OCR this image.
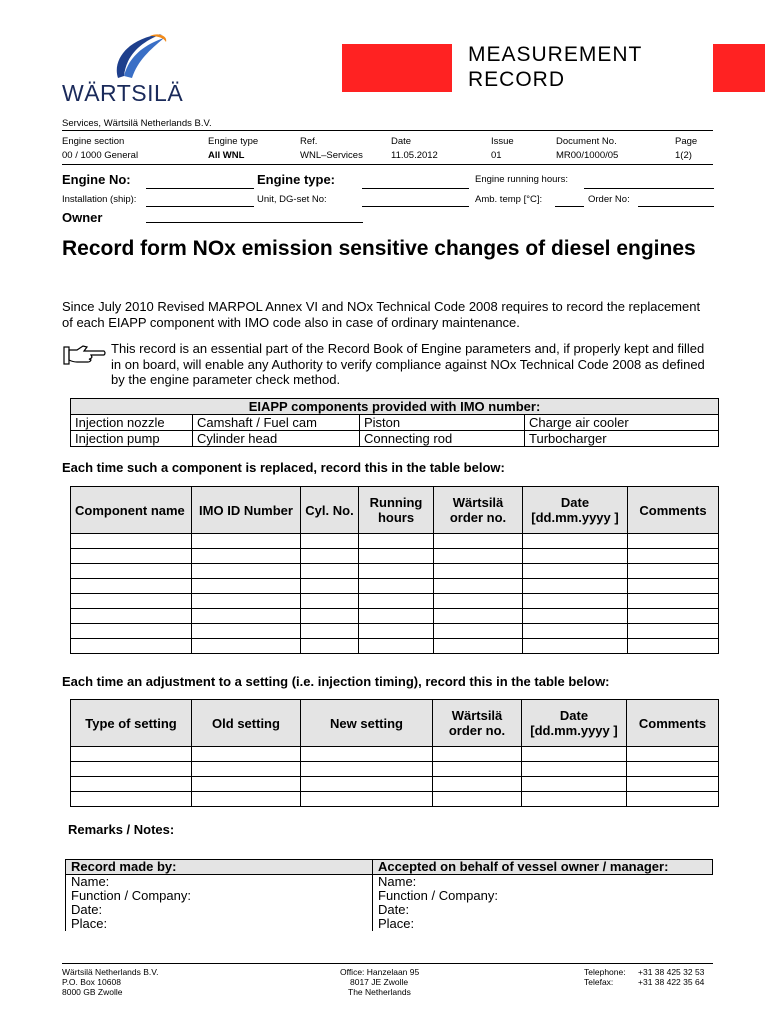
WÄRTSILÄ
MEASUREMENT
RECORD
Services, Wärtsilä Netherlands B.V.
Engine section	Engine type	Ref.	Date	Issue	Document No.	Page
00 / 1000 General	All WNL	WNL–Services	11.05.2012	01	MR00/1000/05	1(2)
Engine No:	Engine type:	Engine running hours:
Installation (ship):	Unit, DG-set No:	Amb. temp [°C]:	Order No:
Owner
Record form NOx emission sensitive changes of diesel engines
Since July 2010 Revised MARPOL Annex VI and NOx Technical Code 2008 requires to record the replacement of each EIAPP component with IMO code also in case of ordinary maintenance.
This record is an essential part of the Record Book of Engine parameters and, if properly kept and filled in on board, will enable any Authority to verify compliance against NOx Technical Code 2008 as defined by the engine parameter check method.
EIAPP components provided with IMO number:			
Injection nozzle	Camshaft / Fuel cam	Piston	Charge air cooler
Injection pump	Cylinder head	Connecting rod	Turbocharger
Each time such a component is replaced, record this in the table below:
Component name	IMO ID Number	Cyl. No.	Running hours	Wärtsilä order no.	Date [dd.mm.yyyy ]	Comments

Each time an adjustment to a setting (i.e. injection timing), record this in the table below:
Type of setting	Old setting	New setting	Wärtsilä order no.	Date [dd.mm.yyyy ]	Comments

Remarks / Notes:
Record made by:	Accepted on behalf of vessel owner / manager:
Name:	Name:
Function / Company:	Function / Company:
Date:	Date:
Place:	Place:
Wärtsilä Netherlands B.V.
P.O. Box 10608
8000 GB Zwolle
Office: Hanzelaan 95
8017 JE Zwolle
The Netherlands
Telephone:
Telefax:
+31 38 425 32 53
+31 38 422 35 64
